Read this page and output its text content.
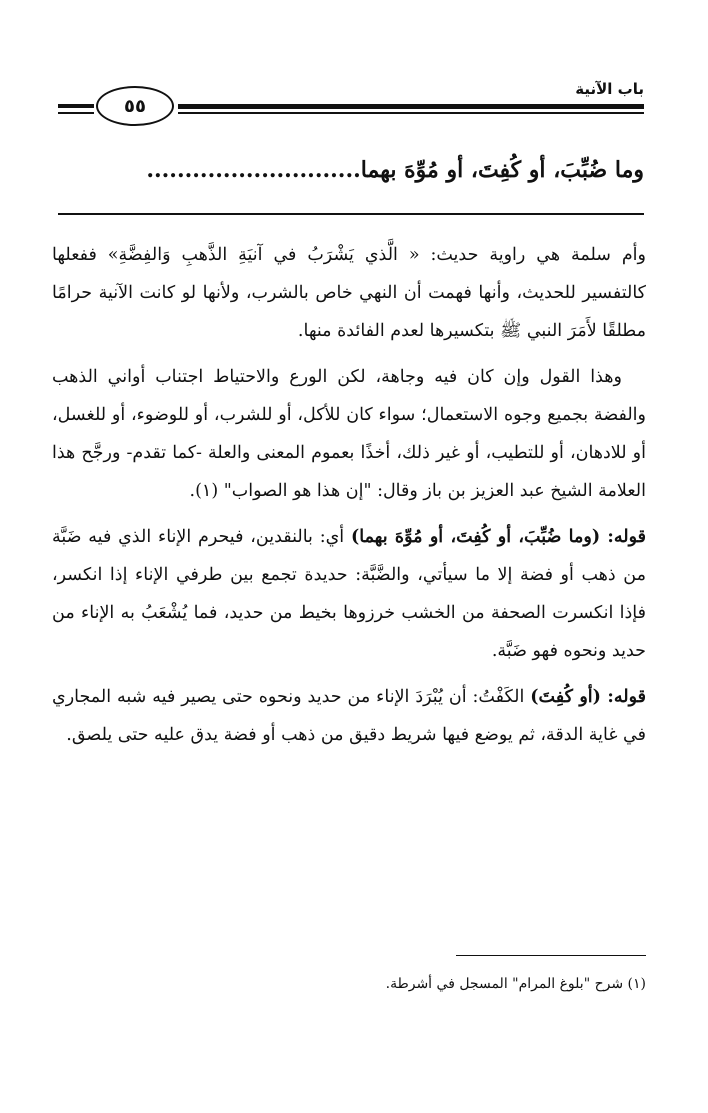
باب الآنية
٥٥
وما ضُبِّبَ، أو كُفِتَ، أو مُوِّهَ بهما............................

وأم سلمة هي راوية حديث: « الَّذي يَشْرَبُ في آنيَةِ الذَّهبِ وَالفِضَّةِ» ففعلها كالتفسير للحديث، وأنها فهمت أن النهي خاص بالشرب، ولأنها لو كانت الآنية حرامًا مطلقًا لأَمَرَ النبي ﷺ بتكسيرها لعدم الفائدة منها.

وهذا القول وإن كان فيه وجاهة، لكن الورع والاحتياط اجتناب أواني الذهب والفضة بجميع وجوه الاستعمال؛ سواء كان للأكل، أو للشرب، أو للوضوء، أو للغسل، أو للادهان، أو للتطيب، أو غير ذلك، أخذًا بعموم المعنى والعلة -كما تقدم- ورجَّح هذا العلامة الشيخ عبد العزيز بن باز وقال: "إن هذا هو الصواب" (١).

قوله: (وما ضُبِّبَ، أو كُفِتَ، أو مُوِّهَ بهما) أي: بالنقدين، فيحرم الإناء الذي فيه ضَبَّة من ذهب أو فضة إلا ما سيأتي، والضَّبَّة: حديدة تجمع بين طرفي الإناء إذا انكسر، فإذا انكسرت الصحفة من الخشب خرزوها بخيط من حديد، فما يُشْعَبُ به الإناء من حديد ونحوه فهو ضَبَّة.

قوله: (أو كُفِتَ) الكَفْتُ: أن يُبْرَدَ الإناء من حديد ونحوه حتى يصير فيه شبه المجاري في غاية الدقة، ثم يوضع فيها شريط دقيق من ذهب أو فضة يدق عليه حتى يلصق.

(١) شرح "بلوغ المرام" المسجل في أشرطة.
